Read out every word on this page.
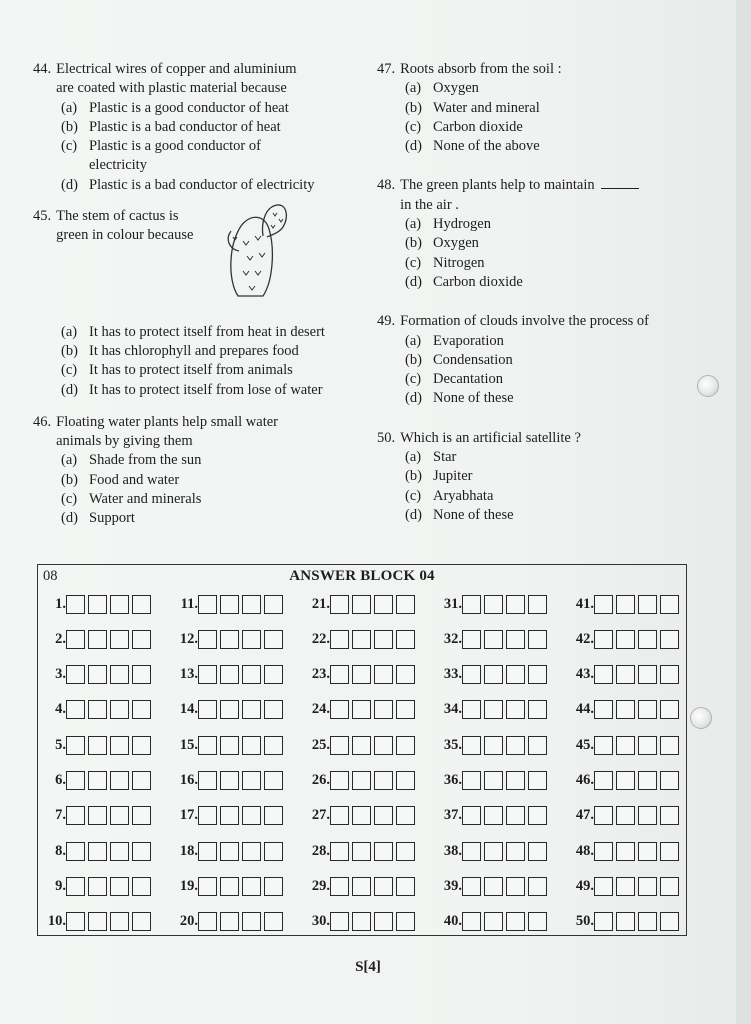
44. Electrical wires of copper and aluminium
are coated with plastic material because
(a) Plastic is a good conductor of heat
(b) Plastic is a bad conductor of heat
(c) Plastic is a good conductor of electricity
(d) Plastic is a bad conductor of electricity
45. The stem of cactus is
green in colour because
(a) It has to protect itself from heat in desert
(b) It has chlorophyll and prepares food
(c) It has to protect itself from animals
(d) It has to protect itself from lose of water
46. Floating water plants help small water
animals by giving them
(a) Shade from the sun
(b) Food and water
(c) Water and minerals
(d) Support
47. Roots absorb from the soil :
(a) Oxygen
(b) Water and mineral
(c) Carbon dioxide
(d) None of the above
48. The green plants help to maintain
in the air .
(a) Hydrogen
(b) Oxygen
(c) Nitrogen
(d) Carbon dioxide
49. Formation of clouds involve the process of
(a) Evaporation
(b) Condensation
(c) Decantation
(d) None of these
50. Which is an artificial satellite ?
(a) Star
(b) Jupiter
(c) Aryabhata
(d) None of these
08	ANSWER BLOCK 04
1.	11.	21.	31.	41.
2.	12.	22.	32.	42.
3.	13.	23.	33.	43.
4.	14.	24.	34.	44.
5.	15.	25.	35.	45.
6.	16.	26.	36.	46.
7.	17.	27.	37.	47.
8.	18.	28.	38.	48.
9.	19.	29.	39.	49.
10.	20.	30.	40.	50.
S[4]
